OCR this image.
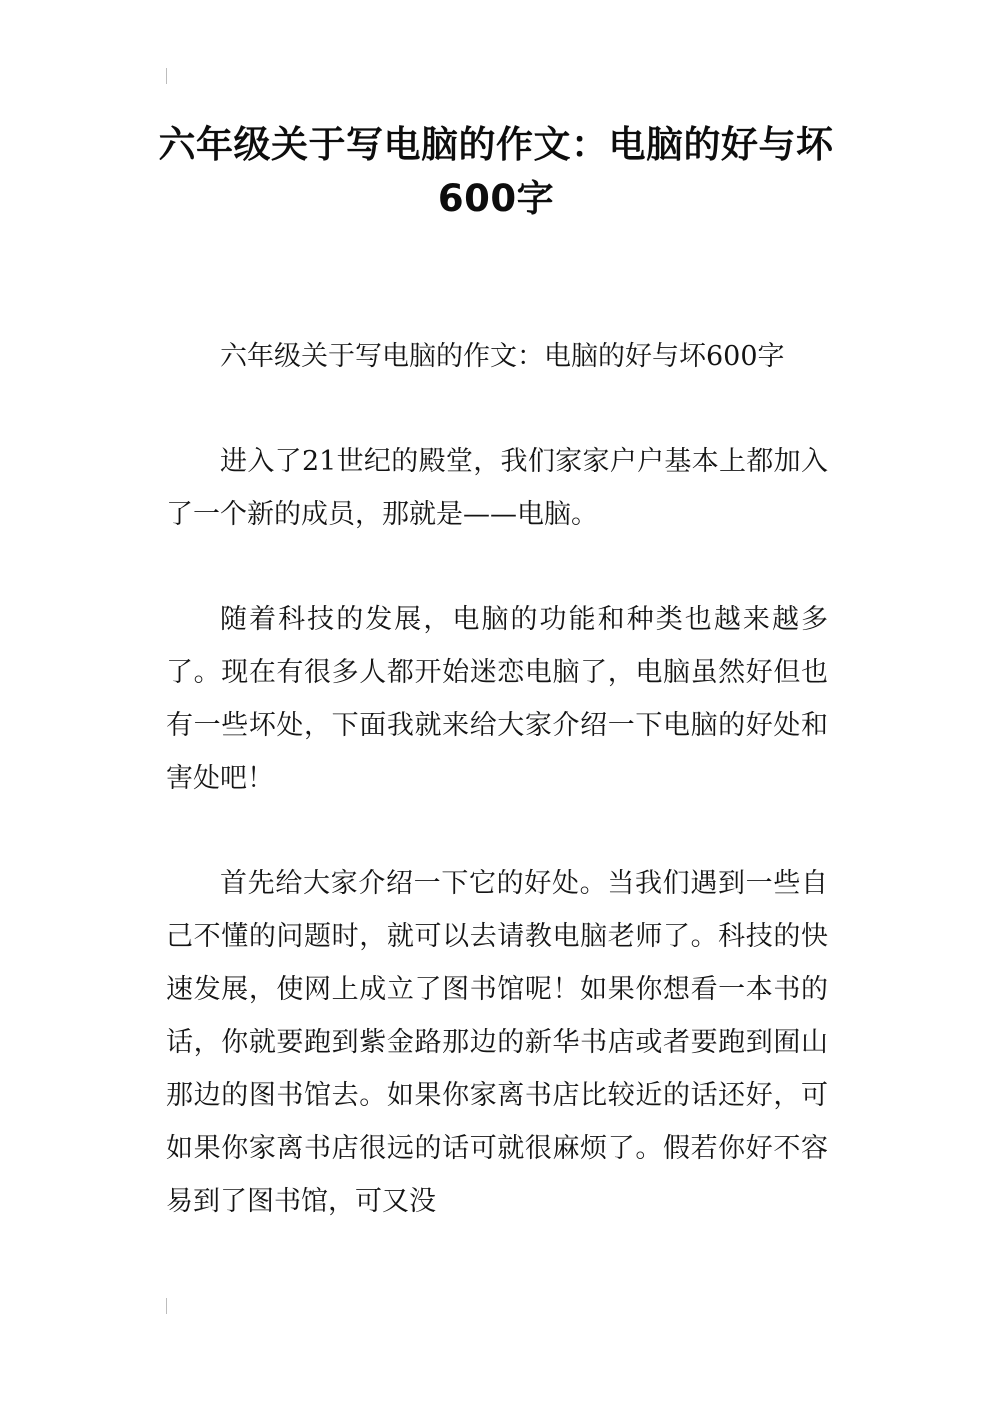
六年级关于写电脑的作文：电脑的好与坏600字

六年级关于写电脑的作文：电脑的好与坏600字

进入了21世纪的殿堂，我们家家户户基本上都加入了一个新的成员，那就是——电脑。

随着科技的发展，电脑的功能和种类也越来越多了。现在有很多人都开始迷恋电脑了，电脑虽然好但也有一些坏处，下面我就来给大家介绍一下电脑的好处和害处吧！

首先给大家介绍一下它的好处。当我们遇到一些自己不懂的问题时，就可以去请教电脑老师了。科技的快速发展，使网上成立了图书馆呢！如果你想看一本书的话，你就要跑到紫金路那边的新华书店或者要跑到囿山那边的图书馆去。如果你家离书店比较近的话还好，可如果你家离书店很远的话可就很麻烦了。假若你好不容易到了图书馆，可又没
